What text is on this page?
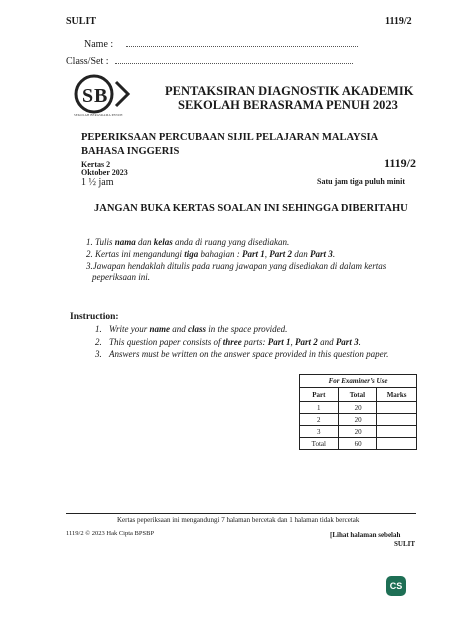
SULIT	1119/2
Name :
Class/Set :
S B
SEKOLAH BERASRAMA PENUH
PENTAKSIRAN DIAGNOSTIK AKADEMIK
SEKOLAH BERASRAMA PENUH 2023
PEPERIKSAAN PERCUBAAN SIJIL PELAJARAN MALAYSIA
BAHASA INGGERIS
Kertas 2
Oktober 2023
1 ½ jam
1119/2
Satu jam tiga puluh minit
JANGAN BUKA KERTAS SOALAN INI SEHINGGA DIBERITAHU
1. Tulis nama dan kelas anda di ruang yang disediakan.
2. Kertas ini mengandungi tiga bahagian : Part 1, Part 2 dan Part 3.
3.Jawapan hendaklah ditulis pada ruang jawapan yang disediakan di dalam kertas
peperiksaan ini.
Instruction:
1. Write your name and class in the space provided.
2. This question paper consists of three parts: Part 1, Part 2 and Part 3.
3. Answers must be written on the answer space provided in this question paper.
For Examiner’s Use		
Part	Total	Marks
1	20	
2	20	
3	20	
Total	60	
Kertas peperiksaan ini mengandungi 7 halaman bercetak dan 1 halaman tidak bercetak
1119/2 © 2023 Hak Cipta BPSBP	[Lihat halaman sebelah
SULIT
CS
